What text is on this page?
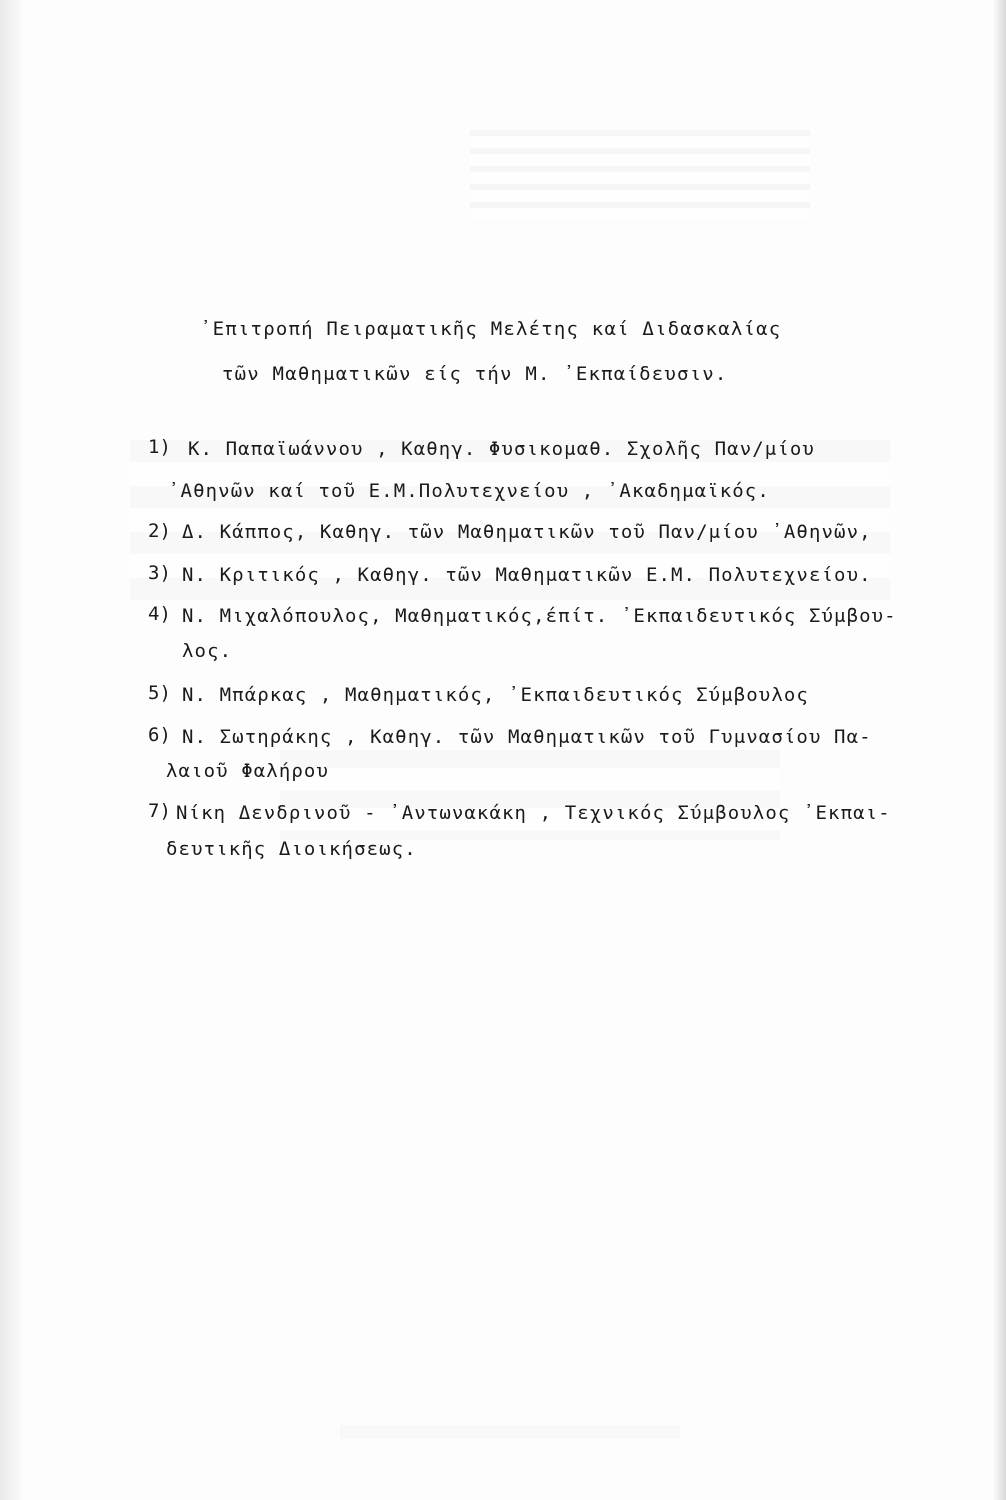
᾿Επιτροπή Πειραματικῆς Μελέτης καί Διδασκαλίας
τῶν Μαθηματικῶν είς τήν Μ. ᾿Εκπαίδευσιν.
1) Κ. Παπαϊωάννου , Καθηγ. Φυσικομαθ. Σχολῆς Παν/μίου
᾿Αθηνῶν καί τοῦ Ε.Μ.Πολυτεχνείου , ᾿Ακαδημαϊκός.
2) Δ. Κάππος, Καθηγ. τῶν Μαθηματικῶν τοῦ Παν/μίου ᾿Αθηνῶν,
3) Ν. Κριτικός , Καθηγ. τῶν Μαθηματικῶν Ε.Μ. Πολυτεχνείου.
4) Ν. Μιχαλόπουλος, Μαθηματικός,έπίτ. ᾿Εκπαιδευτικός Σύμβου-
λος.
5) Ν. Μπάρκας , Μαθηματικός, ᾿Εκπαιδευτικός Σύμβουλος
6) Ν. Σωτηράκης , Καθηγ. τῶν Μαθηματικῶν τοῦ Γυμνασίου Πα-
λαιοῦ Φαλήρου
7) Νίκη Δενδρινοῦ - ᾿Αντωνακάκη , Τεχνικός Σύμβουλος ᾿Εκπαι-
δευτικῆς Διοικήσεως.
